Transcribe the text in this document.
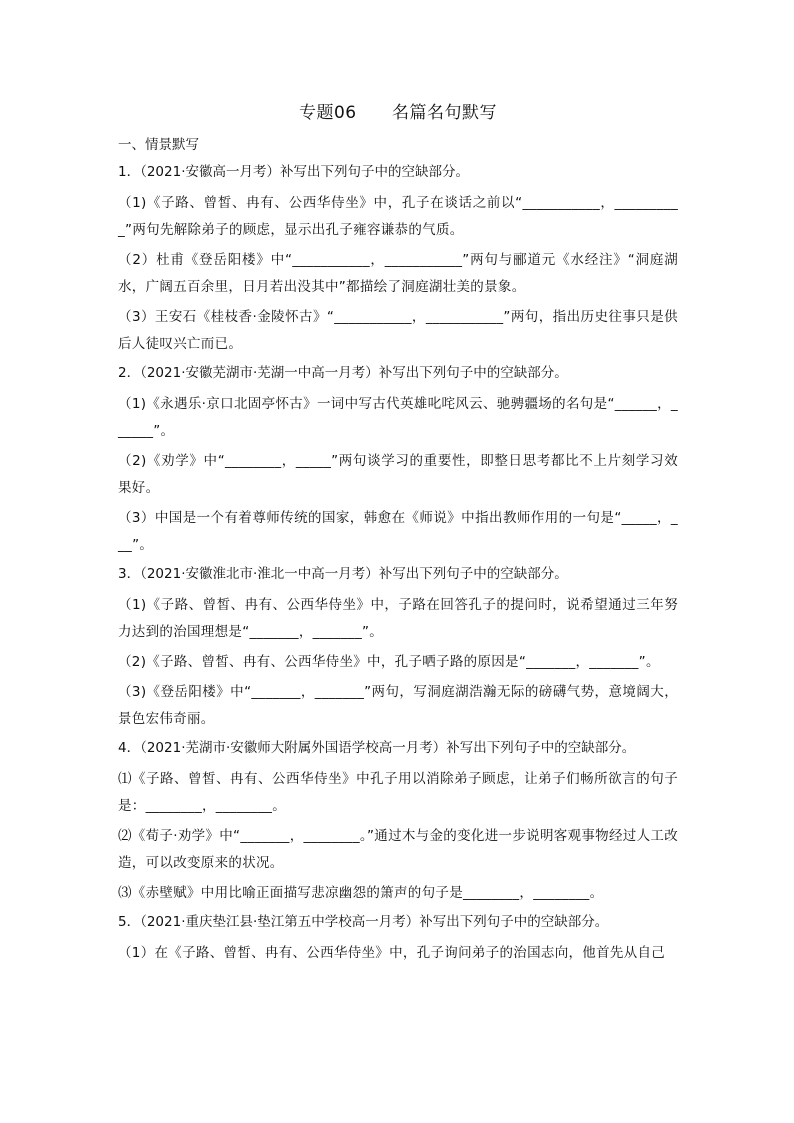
专题06      名篇名句默写
一、情景默写
1．（2021·安徽高一月考）补写出下列句子中的空缺部分。
（1)《子路、曾皙、冉有、公西华侍坐》中，孔子在谈话之前以“___________，__________”两句先解除弟子的顾虑，显示出孔子雍容谦恭的气质。
（2）杜甫《登岳阳楼》中“___________，___________”两句与郦道元《水经注》“洞庭湖水，广阔五百余里，日月若出没其中”都描绘了洞庭湖壮美的景象。
（3）王安石《桂枝香·金陵怀古》“___________，___________”两句，指出历史往事只是供后人徒叹兴亡而已。
2．（2021·安徽芜湖市·芜湖一中高一月考）补写出下列句子中的空缺部分。
（1)《永遇乐·京口北固亭怀古》一词中写古代英雄叱咤风云、驰骋疆场的名句是“______，______”。
（2)《劝学》中“________，_____”两句谈学习的重要性，即整日思考都比不上片刻学习效果好。
（3）中国是一个有着尊师传统的国家，韩愈在《师说》中指出教师作用的一句是“_____，___”。
3．（2021·安徽淮北市·淮北一中高一月考）补写出下列句子中的空缺部分。
（1)《子路、曾皙、冉有、公西华侍坐》中，子路在回答孔子的提问时，说希望通过三年努力达到的治国理想是“_______，_______”。
（2)《子路、曾皙、冉有、公西华侍坐》中，孔子哂子路的原因是“_______，_______”。
（3)《登岳阳楼》中“_______，_______”两句，写洞庭湖浩瀚无际的磅礴气势，意境阔大，景色宏伟奇丽。
4．（2021·芜湖市·安徽师大附属外国语学校高一月考）补写出下列句子中的空缺部分。
⑴《子路、曾皙、冉有、公西华侍坐》中孔子用以消除弟子顾虑，让弟子们畅所欲言的句子是：________，________。
⑵《荀子·劝学》中“_______，________。”通过木与金的变化进一步说明客观事物经过人工改造，可以改变原来的状况。
⑶《赤壁赋》中用比喻正面描写悲凉幽怨的箫声的句子是________，________。
5．（2021·重庆垫江县·垫江第五中学校高一月考）补写出下列句子中的空缺部分。
（1）在《子路、曾皙、冉有、公西华侍坐》中，孔子询问弟子的治国志向，他首先从自己
